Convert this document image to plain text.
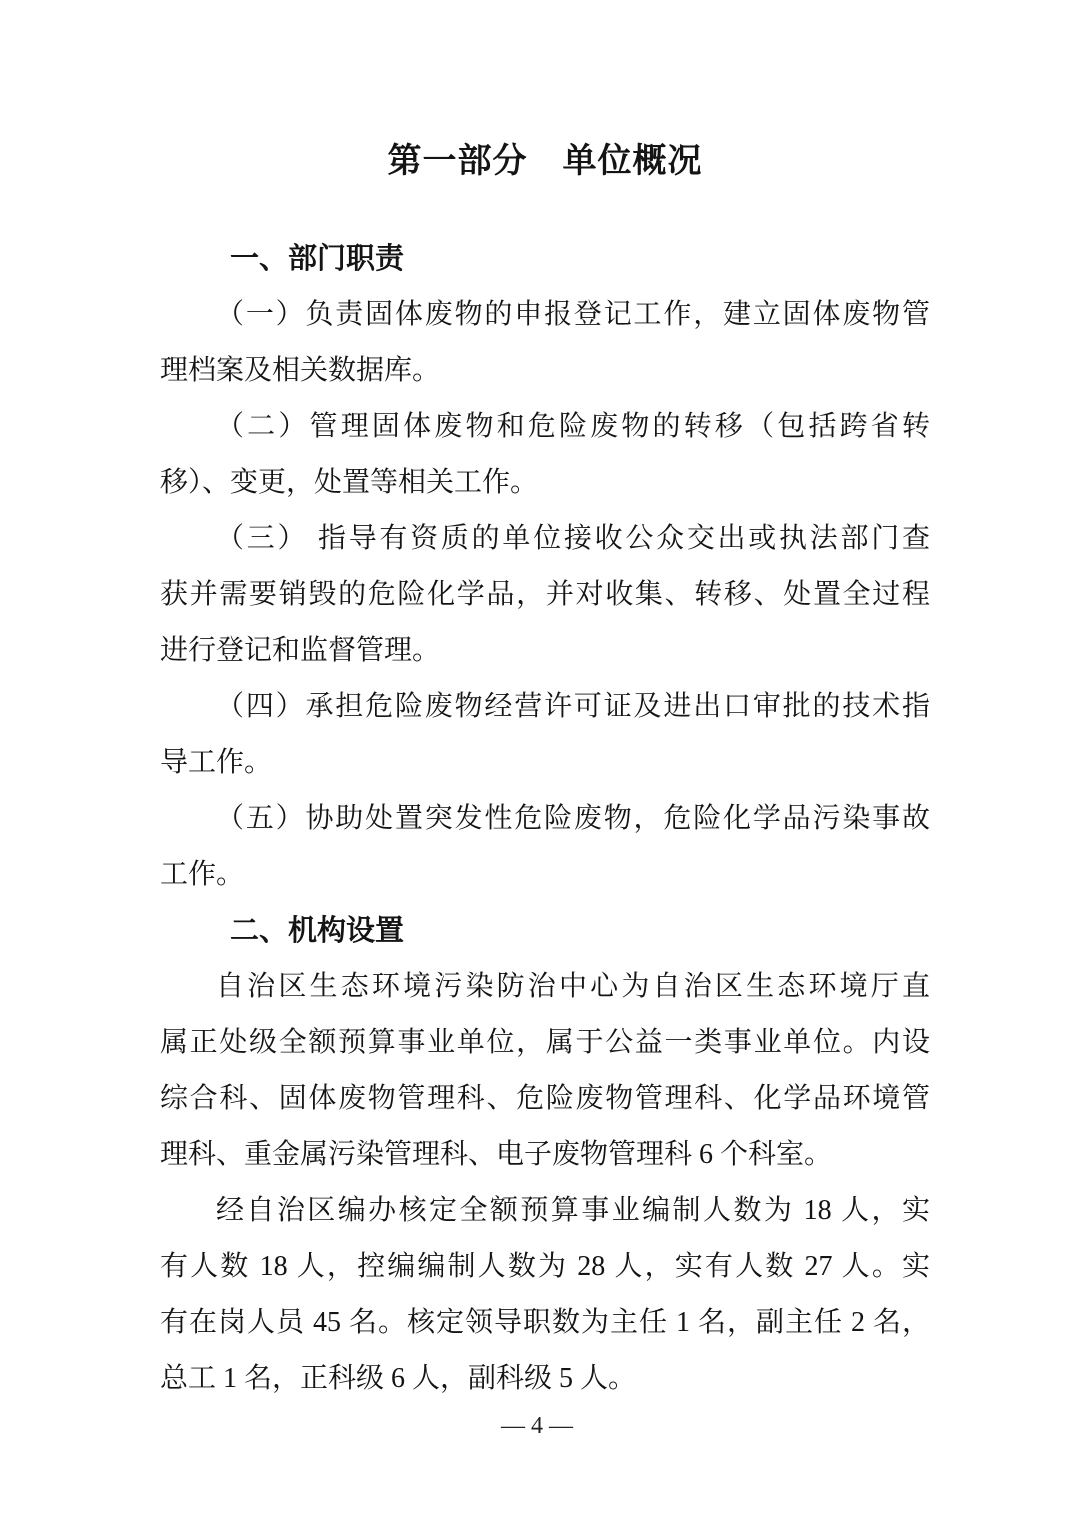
第一部分　单位概况
一、部门职责
（一）负责固体废物的申报登记工作，建立固体废物管
理档案及相关数据库。
（二）管理固体废物和危险废物的转移（包括跨省转
移）、变更，处置等相关工作。
（三） 指导有资质的单位接收公众交出或执法部门查
获并需要销毁的危险化学品，并对收集、转移、处置全过程
进行登记和监督管理。
（四）承担危险废物经营许可证及进出口审批的技术指
导工作。
（五）协助处置突发性危险废物，危险化学品污染事故
工作。
二、机构设置
自治区生态环境污染防治中心为自治区生态环境厅直
属正处级全额预算事业单位，属于公益一类事业单位。内设
综合科、固体废物管理科、危险废物管理科、化学品环境管
理科、重金属污染管理科、电子废物管理科 6 个科室。
经自治区编办核定全额预算事业编制人数为 18 人，实
有人数 18 人，控编编制人数为 28 人，实有人数 27 人。实
有在岗人员 45 名。核定领导职数为主任 1 名，副主任 2 名，
总工 1 名，正科级 6 人，副科级 5 人。
— 4 —
